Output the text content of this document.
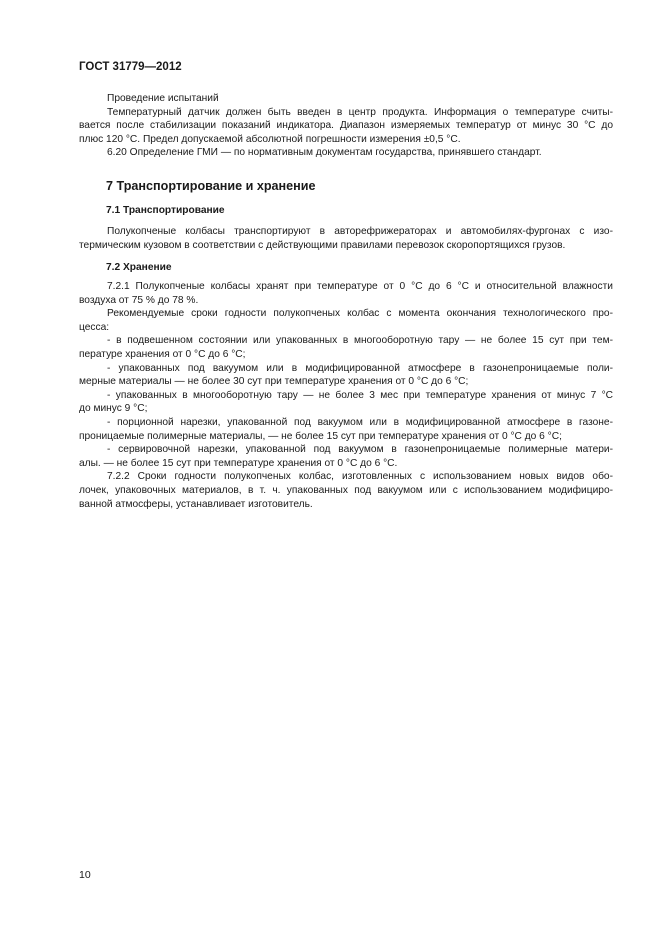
ГОСТ 31779—2012
Проведение испытаний
Температурный датчик должен быть введен в центр продукта. Информация о температуре считы-
вается после стабилизации показаний индикатора. Диапазон измеряемых температур от минус 30 °С до
плюс 120 °С. Предел допускаемой абсолютной погрешности измерения ±0,5 °С.
6.20 Определение ГМИ — по нормативным документам государства, принявшего стандарт.
7 Транспортирование и хранение
7.1 Транспортирование
Полукопченые колбасы транспортируют в авторефрижераторах и автомобилях-фургонах с изо-
термическим кузовом в соответствии с действующими правилами перевозок скоропортящихся грузов.
7.2 Хранение
7.2.1 Полукопченые колбасы хранят при температуре от 0 °С до 6 °С и относительной влажности
воздуха от 75 % до 78 %.
Рекомендуемые сроки годности полукопченых колбас с момента окончания технологического про-
цесса:
- в подвешенном состоянии или упакованных в многооборотную тару — не более 15 сут при тем-
пературе хранения от 0 °С до 6 °С;
- упакованных под вакуумом или в модифицированной атмосфере в газонепроницаемые поли-
мерные материалы — не более 30 сут при температуре хранения от 0 °С до 6 °С;
- упакованных в многооборотную тару — не более 3 мес при температуре хранения от минус 7 °С
до минус 9 °С;
- порционной нарезки, упакованной под вакуумом или в модифицированной атмосфере в газоне-
проницаемые полимерные материалы, — не более 15 сут при температуре хранения от 0 °С до 6 °С;
- сервировочной нарезки, упакованной под вакуумом в газонепроницаемые полимерные матери-
алы. — не более 15 сут при температуре хранения от 0 °С до 6 °С.
7.2.2 Сроки годности полукопченых колбас, изготовленных с использованием новых видов обо-
лочек, упаковочных материалов, в т. ч. упакованных под вакуумом или с использованием модифициро-
ванной атмосферы, устанавливает изготовитель.
10
